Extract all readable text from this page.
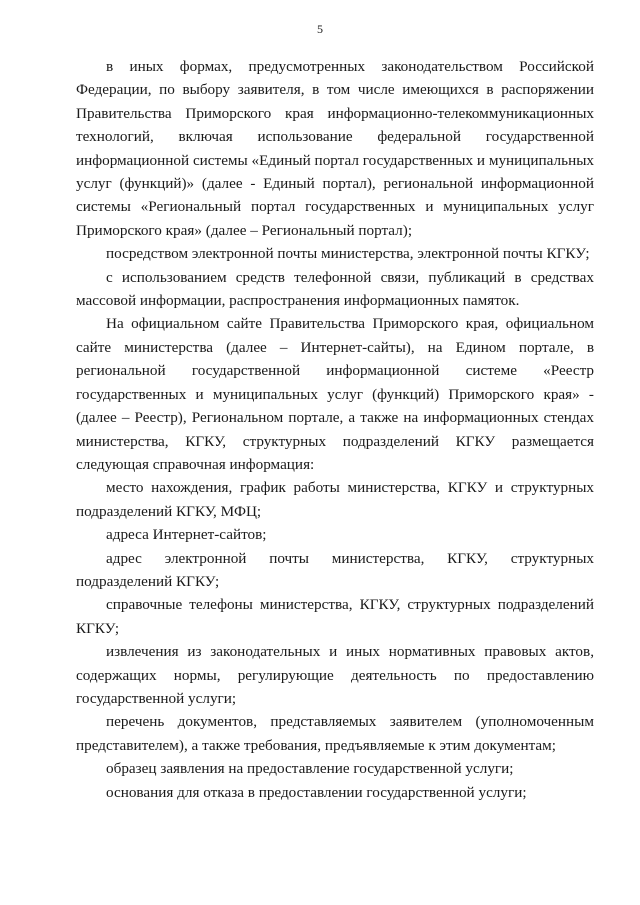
5

в иных формах, предусмотренных законодательством Российской Федерации, по выбору заявителя, в том числе имеющихся в распоряжении Правительства Приморского края информационно-телекоммуникационных технологий, включая использование федеральной государственной информационной системы «Единый портал государственных и муниципальных услуг (функций)» (далее - Единый портал), региональной информационной системы «Региональный портал государственных и муниципальных услуг Приморского края» (далее – Региональный портал);

посредством электронной почты министерства, электронной почты КГКУ;

с использованием средств телефонной связи, публикаций в средствах массовой информации, распространения информационных памяток.

На официальном сайте Правительства Приморского края, официальном сайте министерства (далее – Интернет-сайты), на Едином портале, в региональной государственной информационной системе «Реестр государственных и муниципальных услуг (функций) Приморского края» - (далее – Реестр), Региональном портале, а также на информационных стендах министерства, КГКУ, структурных подразделений КГКУ размещается следующая справочная информация:

место нахождения, график работы министерства, КГКУ и структурных подразделений КГКУ, МФЦ;

адреса Интернет-сайтов;

адрес электронной почты министерства, КГКУ, структурных подразделений КГКУ;

справочные телефоны министерства, КГКУ, структурных подразделений КГКУ;

извлечения из законодательных и иных нормативных правовых актов, содержащих нормы, регулирующие деятельность по предоставлению государственной услуги;

перечень документов, представляемых заявителем (уполномоченным представителем), а также требования, предъявляемые к этим документам;

образец заявления на предоставление государственной услуги;

основания для отказа в предоставлении государственной услуги;
